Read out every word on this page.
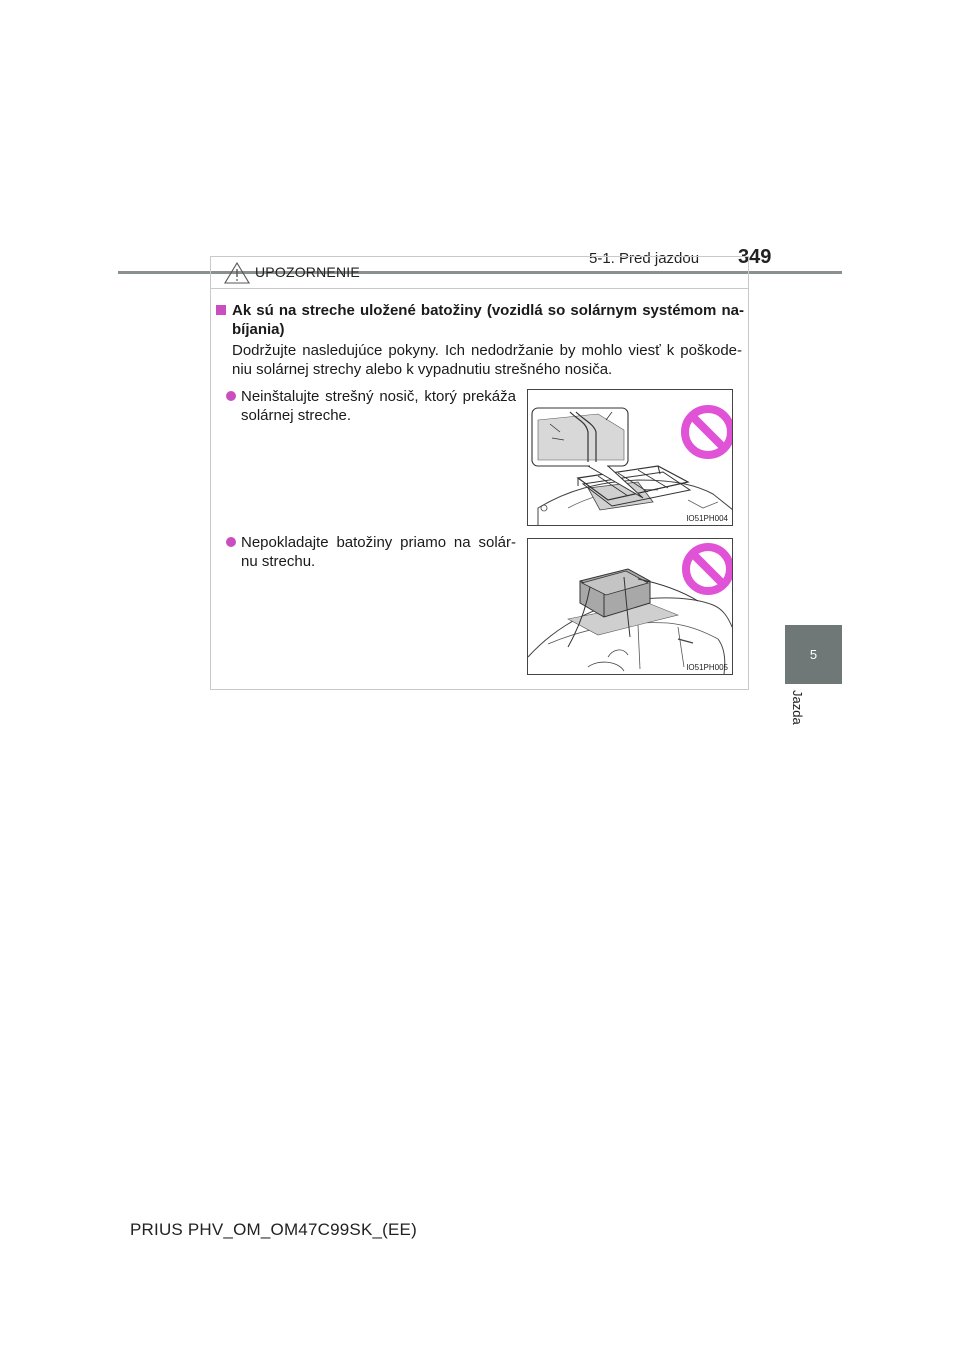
5-1. Pred jazdou 349
5
Jazda
UPOZORNENIE
Ak sú na streche uložené batožiny (vozidlá so solárnym systémom na-bíjania)
Dodržujte nasledujúce pokyny. Ich nedodržanie by mohlo viesť k poškode-niu solárnej strechy alebo k vypadnutiu strešného nosiča.
Neinštalujte strešný nosič, ktorý prekáža solárnej streche.
IO51PH004
Nepokladajte batožiny priamo na solár-nu strechu.
IO51PH005
PRIUS PHV_OM_OM47C99SK_(EE)
